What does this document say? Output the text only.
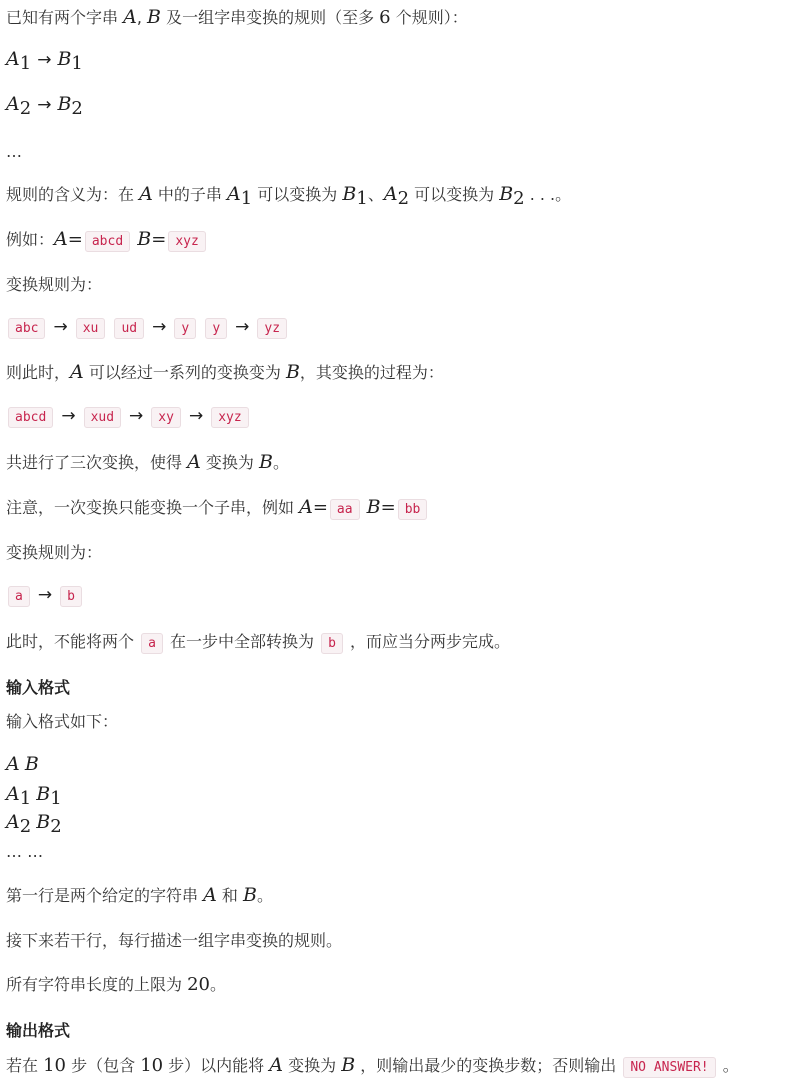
已知有两个字串 A, B 及一组字串变换的规则（至多 6 个规则）：
$A_1 \to B_1$
$A_2 \to B_2$
…
规则的含义为：在 A 中的子串 $A_1$ 可以变换为 $B_1$、$A_2$ 可以变换为 $B_2$ . . .。
例如：A= abcd B= xyz
变换规则为：
abc → xu ud → y y → yz
则此时，A 可以经过一系列的变换变为 B，其变换的过程为：
abcd → xud → xy → xyz
共进行了三次变换，使得 A 变换为 B。
注意，一次变换只能变换一个子串，例如 A= aa B= bb
变换规则为：
a → b
此时，不能将两个 a 在一步中全部转换为 b ，而应当分两步完成。
输入格式
输入格式如下：
A B
$A_1$ $B_1$
$A_2$ $B_2$
… …
第一行是两个给定的字符串 A 和 B。
接下来若干行，每行描述一组字串变换的规则。
所有字符串长度的上限为 20。
输出格式
若在 10 步（包含 10 步）以内能将 A 变换为 B ，则输出最少的变换步数；否则输出 NO ANSWER! 。
